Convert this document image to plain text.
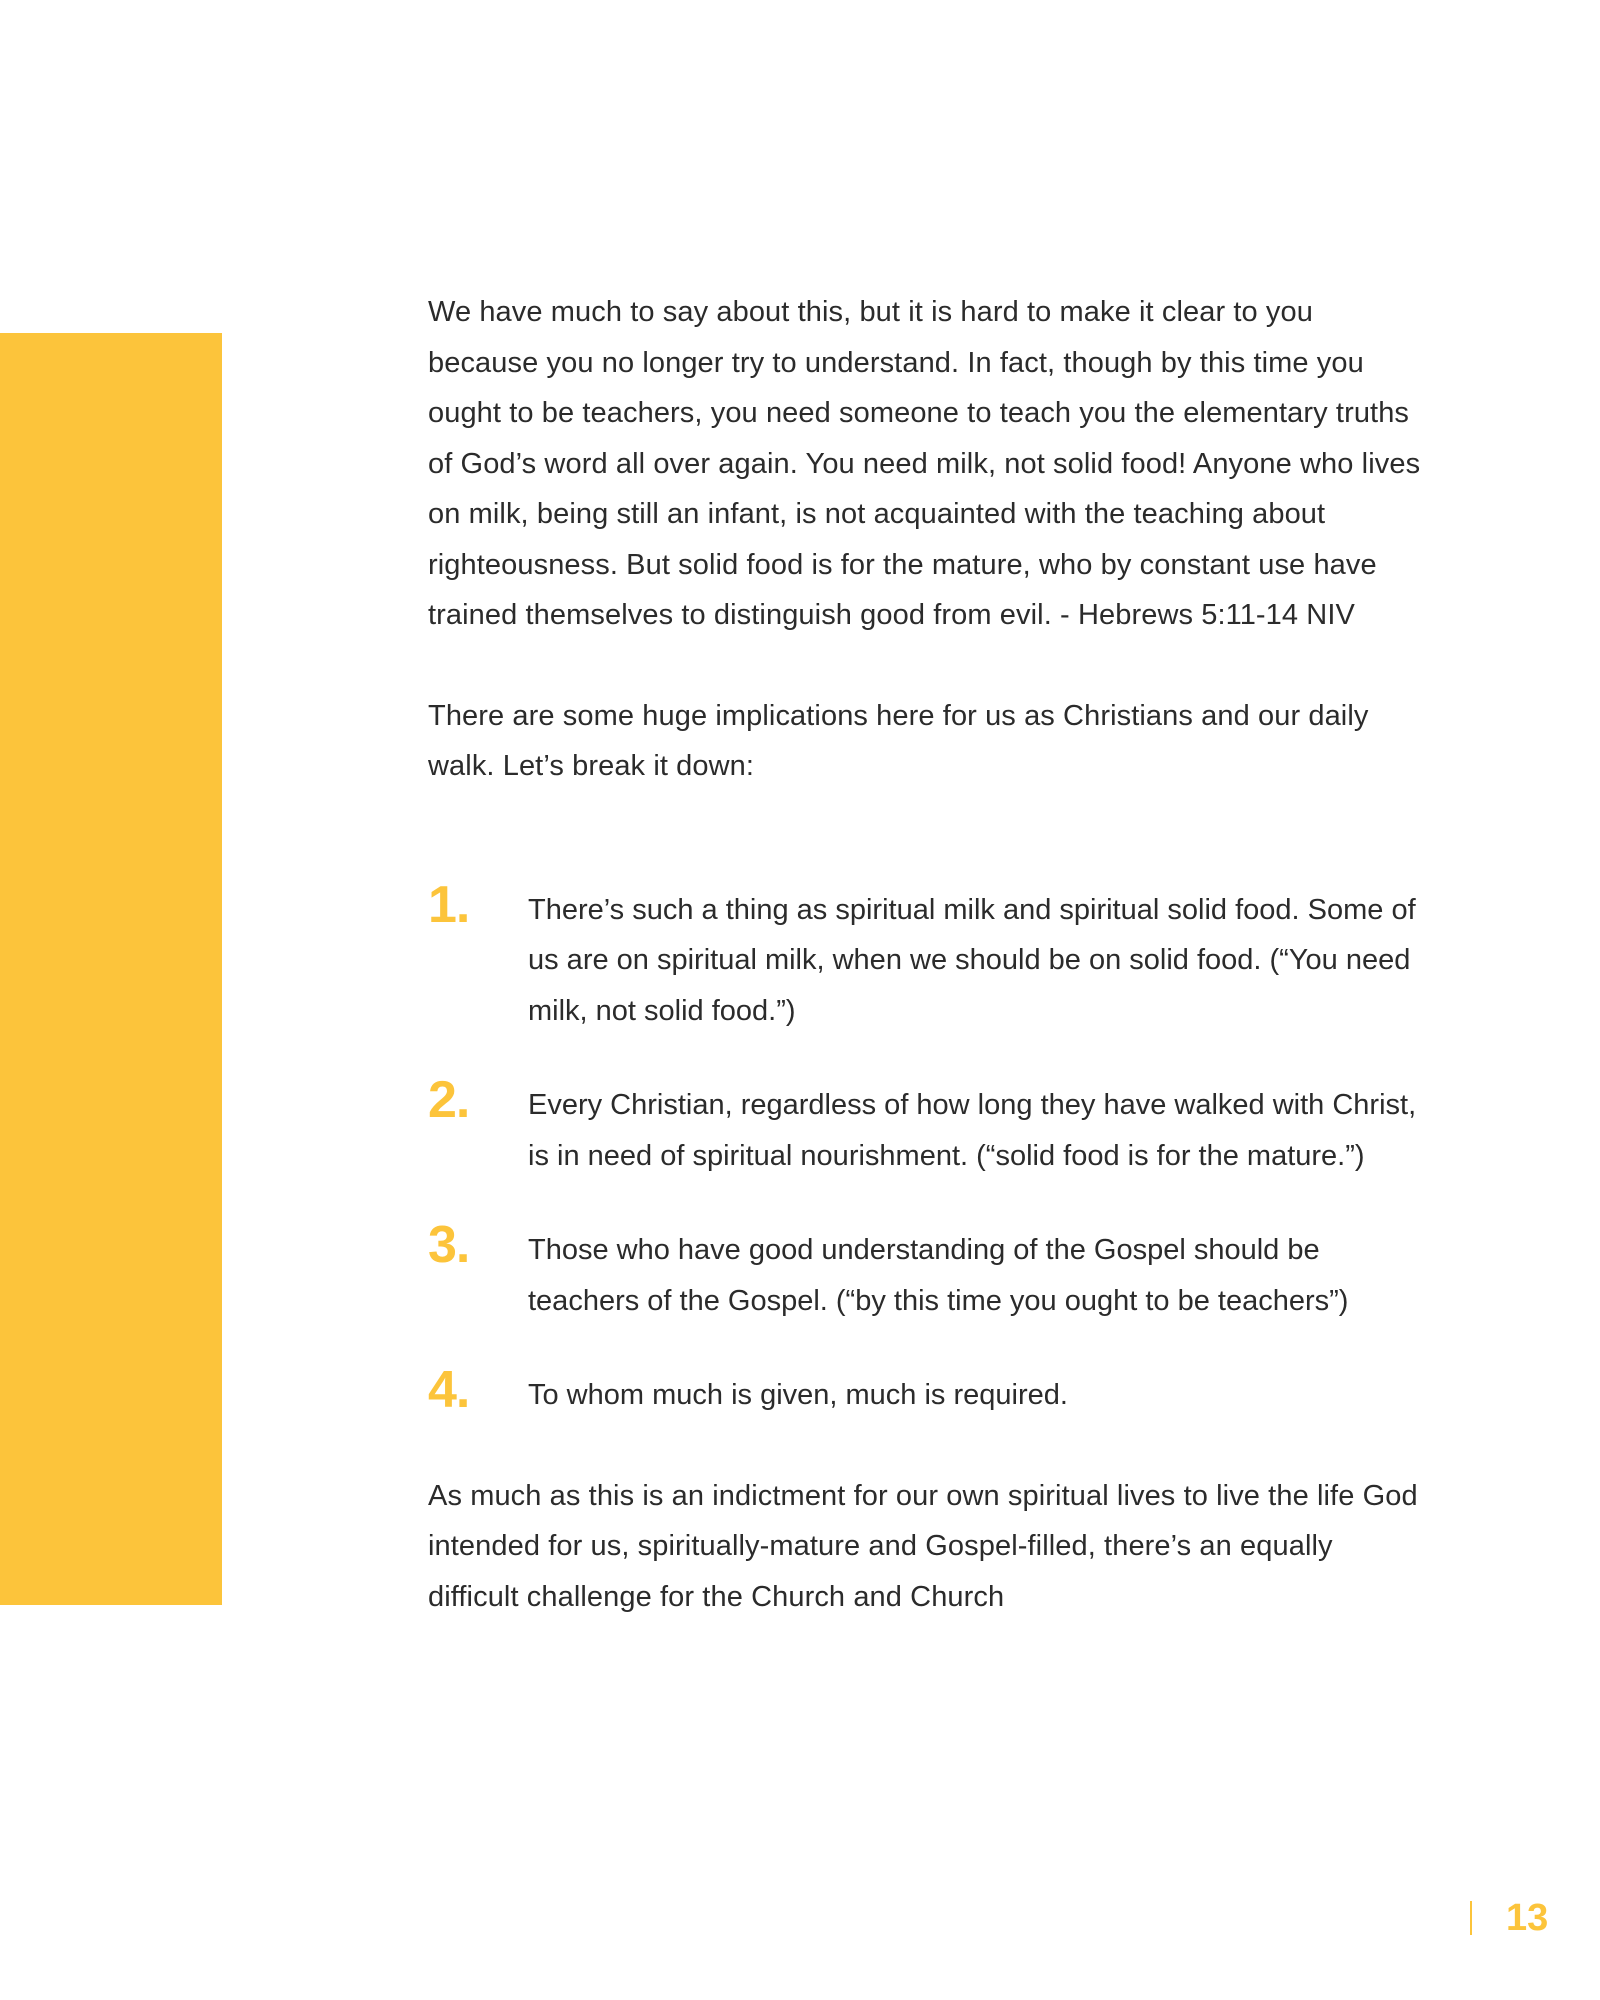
We have much to say about this, but it is hard to make it clear to you because you no longer try to understand. In fact, though by this time you ought to be teachers, you need someone to teach you the elementary truths of God’s word all over again. You need milk, not solid food! Anyone who lives on milk, being still an infant, is not acquainted with the teaching about righteousness. But solid food is for the mature, who by constant use have trained themselves to distinguish good from evil. - Hebrews 5:11-14 NIV

There are some huge implications here for us as Christians and our daily walk. Let’s break it down:

1. There’s such a thing as spiritual milk and spiritual solid food. Some of us are on spiritual milk, when we should be on solid food. (“You need milk, not solid food.”)

2. Every Christian, regardless of how long they have walked with Christ, is in need of spiritual nourishment. (“solid food is for the mature.”)

3. Those who have good understanding of the Gospel should be teachers of the Gospel. (“by this time you ought to be teachers”)

4. To whom much is given, much is required.

As much as this is an indictment for our own spiritual lives to live the life God intended for us, spiritually-mature and Gospel-filled, there’s an equally difficult challenge for the Church and Church

13
